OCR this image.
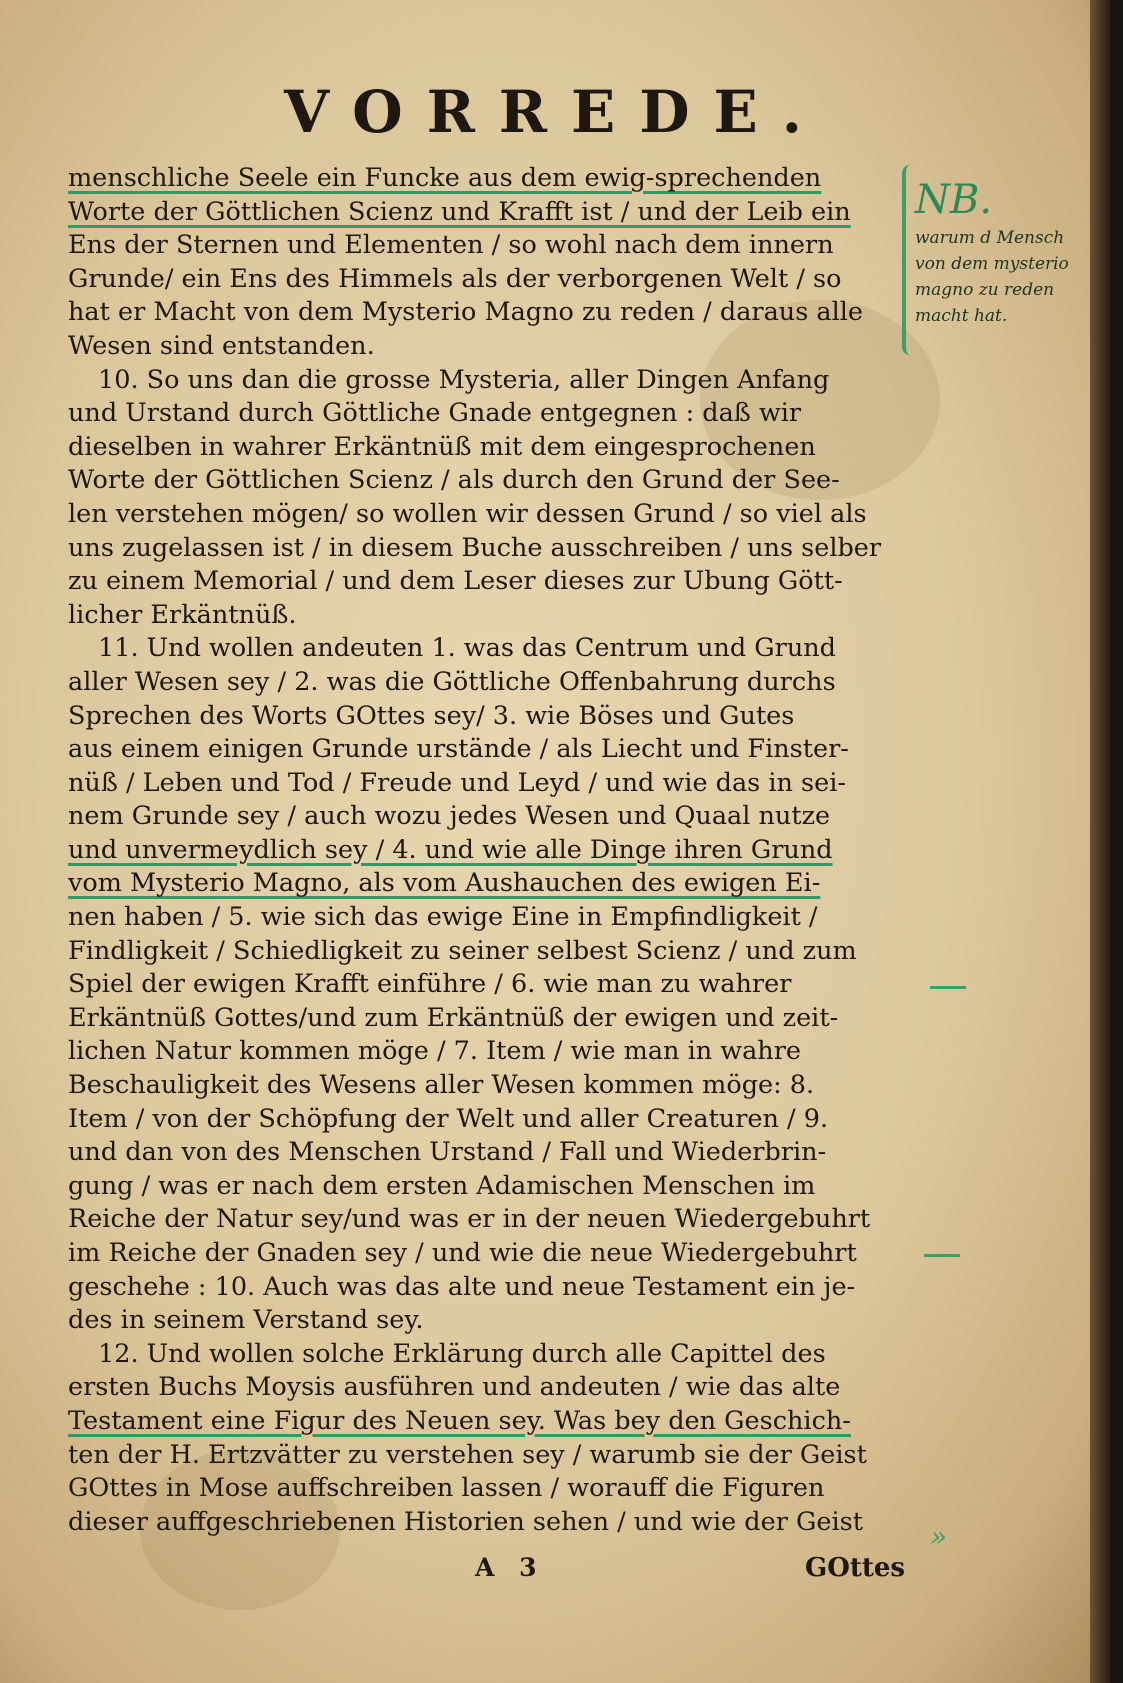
VORREDE.
menschliche Seele ein Funcke aus dem ewig-sprechenden
Worte der Göttlichen Scienz und Krafft ist / und der Leib ein
Ens der Sternen und Elementen / so wohl nach dem innern
Grunde/ ein Ens des Himmels als der verborgenen Welt / so
hat er Macht von dem Mysterio Magno zu reden / daraus alle
Wesen sind entstanden.
10. So uns dan die grosse Mysteria, aller Dingen Anfang
und Urstand durch Göttliche Gnade entgegnen : daß wir
dieselben in wahrer Erkäntnüß mit dem eingesprochenen
Worte der Göttlichen Scienz / als durch den Grund der See-
len verstehen mögen/ so wollen wir dessen Grund / so viel als
uns zugelassen ist / in diesem Buche ausschreiben / uns selber
zu einem Memorial / und dem Leser dieses zur Ubung Gött-
licher Erkäntnüß.
11. Und wollen andeuten 1. was das Centrum und Grund
aller Wesen sey / 2. was die Göttliche Offenbahrung durchs
Sprechen des Worts GOttes sey/ 3. wie Böses und Gutes
aus einem einigen Grunde urstände / als Liecht und Finster-
nüß / Leben und Tod / Freude und Leyd / und wie das in sei-
nem Grunde sey / auch wozu jedes Wesen und Quaal nutze
und unvermeydlich sey / 4. und wie alle Dinge ihren Grund
vom Mysterio Magno, als vom Aushauchen des ewigen Ei-
nen haben / 5. wie sich das ewige Eine in Empfindligkeit /
Findligkeit / Schiedligkeit zu seiner selbest Scienz / und zum
Spiel der ewigen Krafft einführe / 6. wie man zu wahrer
Erkäntnüß Gottes/und zum Erkäntnüß der ewigen und zeit-
lichen Natur kommen möge / 7. Item / wie man in wahre
Beschauligkeit des Wesens aller Wesen kommen möge: 8.
Item / von der Schöpfung der Welt und aller Creaturen / 9.
und dan von des Menschen Urstand / Fall und Wiederbrin-
gung / was er nach dem ersten Adamischen Menschen im
Reiche der Natur sey/und was er in der neuen Wiedergebuhrt
im Reiche der Gnaden sey / und wie die neue Wiedergebuhrt
geschehe : 10. Auch was das alte und neue Testament ein je-
des in seinem Verstand sey.
12. Und wollen solche Erklärung durch alle Capittel des
ersten Buchs Moysis ausführen und andeuten / wie das alte
Testament eine Figur des Neuen sey. Was bey den Geschich-
ten der H. Ertzvätter zu verstehen sey / warumb sie der Geist
GOttes in Mose auffschreiben lassen / worauff die Figuren
dieser auffgeschriebenen Historien sehen / und wie der Geist
NB.
warum d Mensch
von dem mysterio
magno zu reden
macht hat.
»
A 3	GOttes
